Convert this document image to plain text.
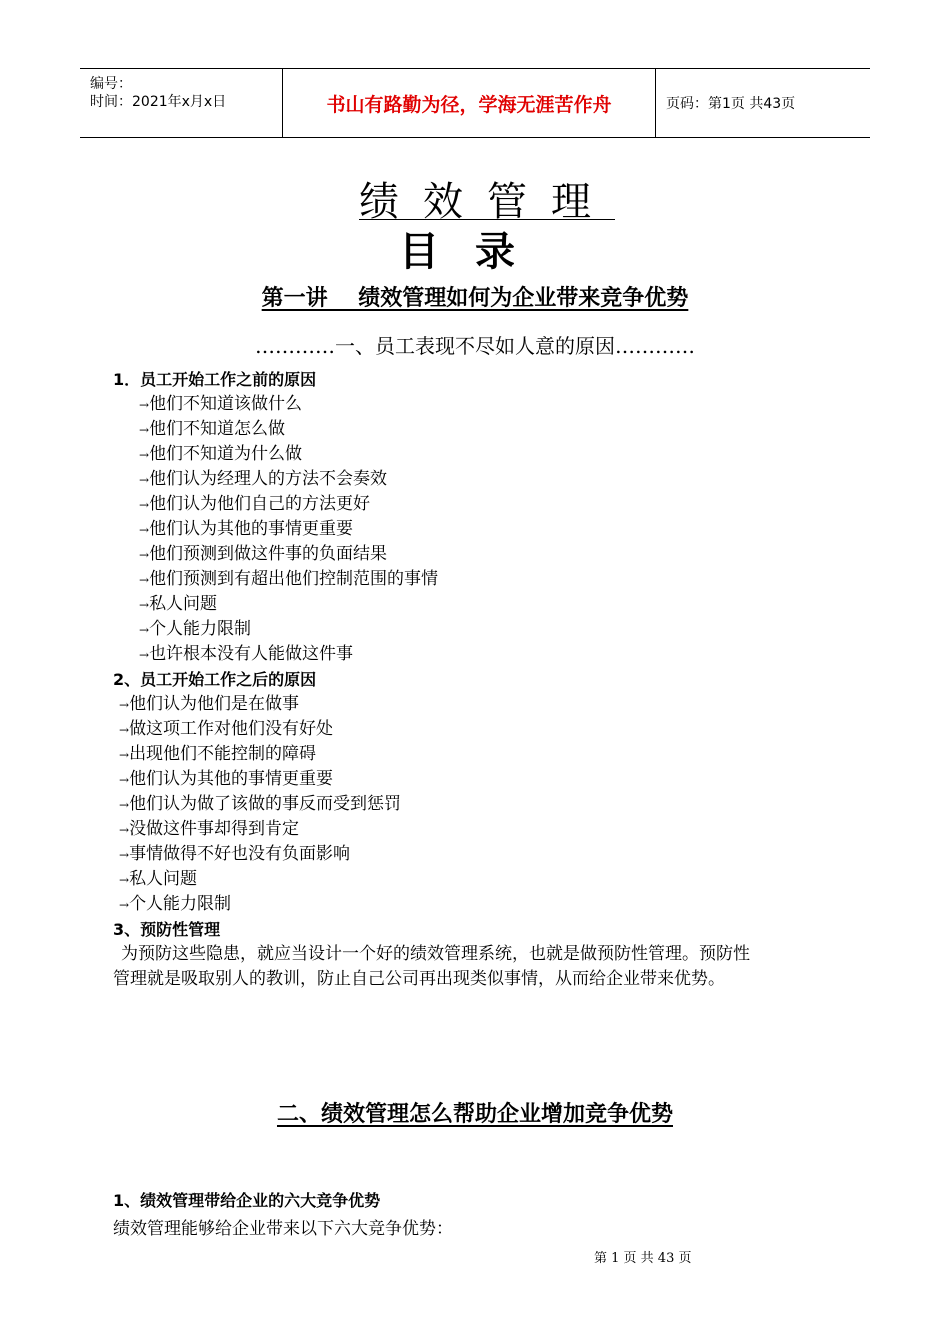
编号：
时间：2021年x月x日	书山有路勤为径，学海无涯苦作舟	页码：第1页 共43页
绩效管理
目录
第一讲    绩效管理如何为企业带来竞争优势
…………一、员工表现不尽如人意的原因…………
1．员工开始工作之前的原因
→他们不知道该做什么
→他们不知道怎么做
→他们不知道为什么做
→他们认为经理人的方法不会奏效
→他们认为他们自己的方法更好
→他们认为其他的事情更重要
→他们预测到做这件事的负面结果
→他们预测到有超出他们控制范围的事情
→私人问题
→个人能力限制
→也许根本没有人能做这件事
2、员工开始工作之后的原因
→他们认为他们是在做事
→做这项工作对他们没有好处
→出现他们不能控制的障碍
→他们认为其他的事情更重要
→他们认为做了该做的事反而受到惩罚
→没做这件事却得到肯定
→事情做得不好也没有负面影响
→私人问题
→个人能力限制
3、预防性管理
为预防这些隐患，就应当设计一个好的绩效管理系统，也就是做预防性管理。预防性
管理就是吸取别人的教训，防止自己公司再出现类似事情，从而给企业带来优势。
二、绩效管理怎么帮助企业增加竞争优势
1、绩效管理带给企业的六大竞争优势
绩效管理能够给企业带来以下六大竞争优势：
第 1 页 共 43 页
